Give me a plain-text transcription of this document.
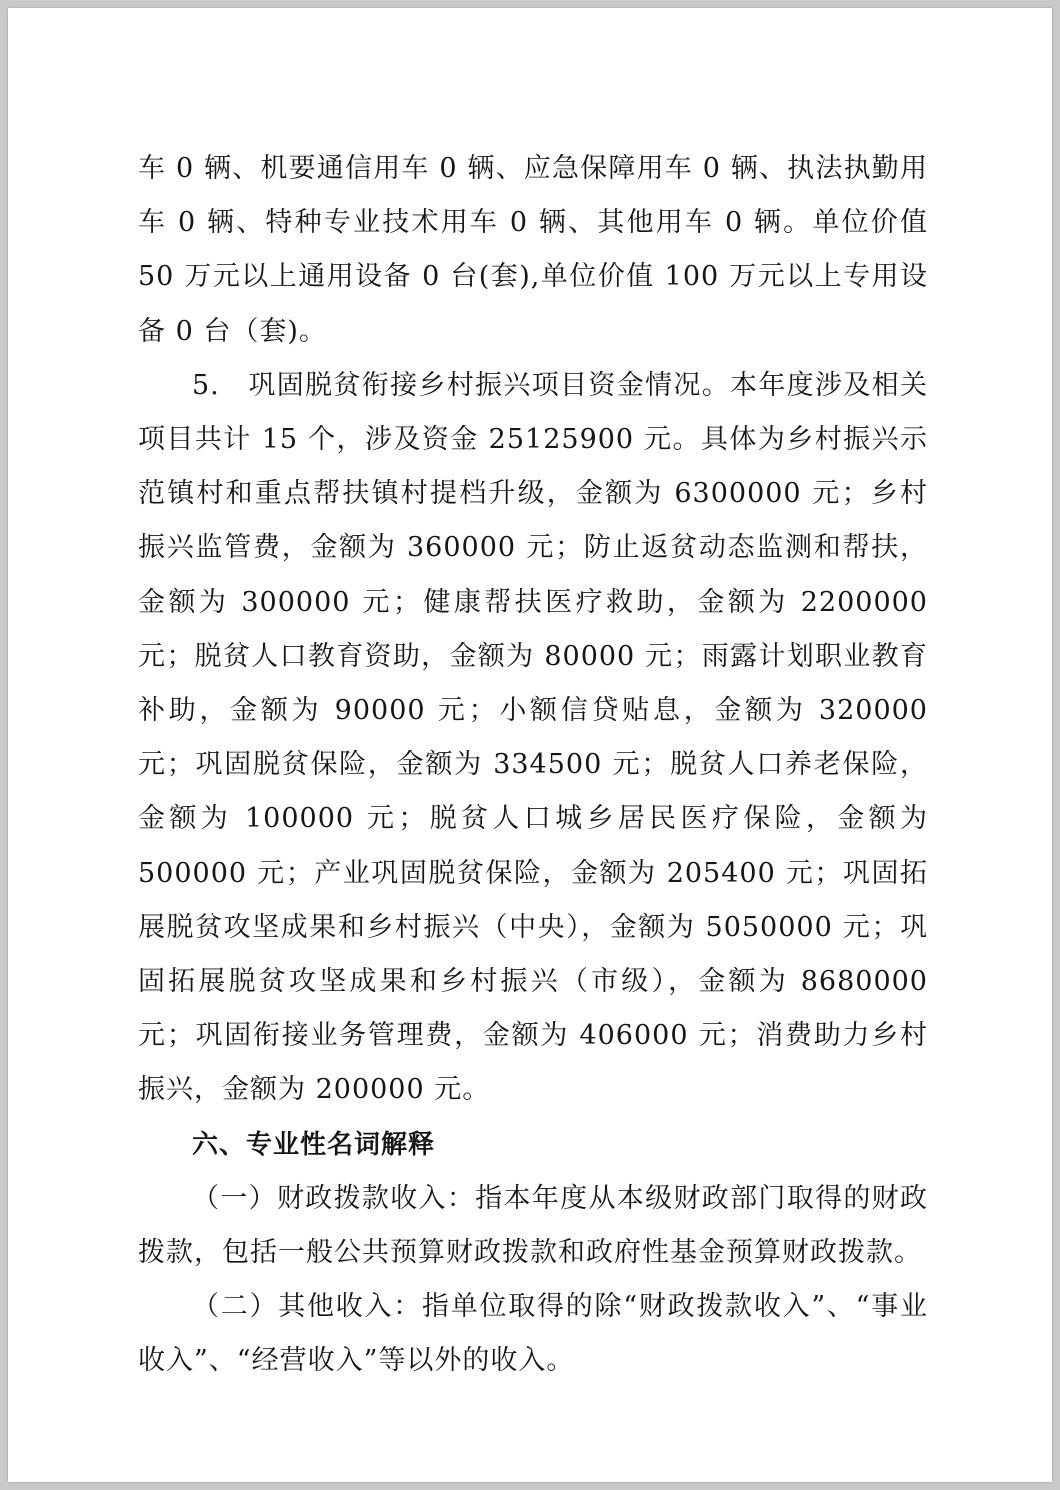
车 0 辆、机要通信用车 0 辆、应急保障用车 0 辆、执法执勤用车 0 辆、特种专业技术用车 0 辆、其他用车 0 辆。单位价值 50 万元以上通用设备 0 台(套),单位价值 100 万元以上专用设备 0 台（套)。

5.　巩固脱贫衔接乡村振兴项目资金情况。本年度涉及相关项目共计 15 个，涉及资金 25125900 元。具体为乡村振兴示范镇村和重点帮扶镇村提档升级，金额为 6300000 元；乡村振兴监管费，金额为 360000 元；防止返贫动态监测和帮扶，金额为 300000 元；健康帮扶医疗救助，金额为 2200000 元；脱贫人口教育资助，金额为 80000 元；雨露计划职业教育补助，金额为 90000 元；小额信贷贴息，金额为 320000 元；巩固脱贫保险，金额为 334500 元；脱贫人口养老保险，金额为 100000 元；脱贫人口城乡居民医疗保险，金额为 500000 元；产业巩固脱贫保险，金额为 205400 元；巩固拓展脱贫攻坚成果和乡村振兴（中央），金额为 5050000 元；巩固拓展脱贫攻坚成果和乡村振兴（市级），金额为 8680000 元；巩固衔接业务管理费，金额为 406000 元；消费助力乡村振兴，金额为 200000 元。

六、专业性名词解释

（一）财政拨款收入：指本年度从本级财政部门取得的财政拨款，包括一般公共预算财政拨款和政府性基金预算财政拨款。

（二）其他收入：指单位取得的除“财政拨款收入”、“事业收入”、“经营收入”等以外的收入。
